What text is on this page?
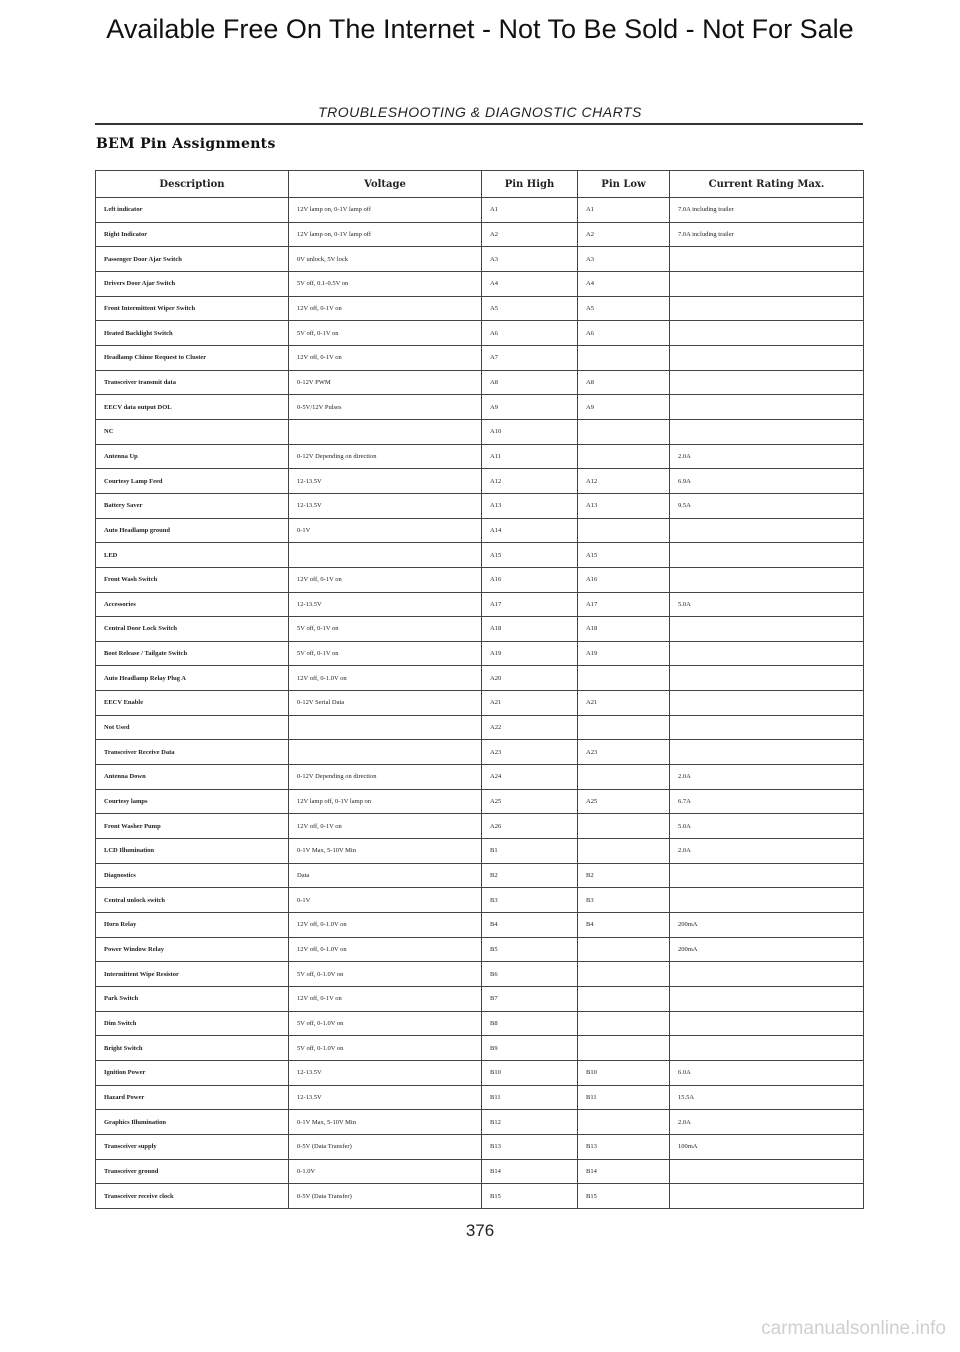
Available Free On The Internet - Not To Be Sold - Not For Sale
TROUBLESHOOTING & DIAGNOSTIC CHARTS
BEM Pin Assignments
Description	Voltage	Pin High	Pin Low	Current Rating Max.
Left indicator	12V lamp on, 0-1V lamp off	A1	A1	7.0A including trailer
Right Indicator	12V lamp on, 0-1V lamp off	A2	A2	7.0A including trailer
Passenger Door Ajar Switch	0V unlock, 5V lock	A3	A3	
Drivers Door Ajar Switch	5V off, 0.1-0.5V on	A4	A4	
Front Intermittent Wiper Switch	12V off, 0-1V on	A5	A5	
Heated Backlight Switch	5V off, 0-1V on	A6	A6	
Headlamp Chime Request to Cluster	12V off, 0-1V on	A7		
Transceiver transmit data	0-12V PWM	A8	A8	
EECV data output DOL	0-5V/12V Pulses	A9	A9	
NC		A10		
Antenna Up	0-12V Depending on direction	A11		2.0A
Courtesy Lamp Feed	12-13.5V	A12	A12	6.9A
Battery Saver	12-13.5V	A13	A13	9.5A
Auto Headlamp ground	0-1V	A14		
LED		A15	A15	
Front Wash Switch	12V off, 0-1V on	A16	A16	
Accessories	12-13.5V	A17	A17	5.0A
Central Door Lock Switch	5V off, 0-1V on	A18	A18	
Boot Release / Tailgate Switch	5V off, 0-1V on	A19	A19	
Auto Headlamp Relay Plug A	12V off, 0-1.0V on	A20		
EECV Enable	0-12V Serial Data	A21	A21	
Not Used		A22		
Transceiver Receive Data		A23	A23	
Antenna Down	0-12V Depending on direction	A24		2.0A
Courtesy lamps	12V lamp off, 0-1V lamp on	A25	A25	6.7A
Front Washer Pump	12V off, 0-1V on	A26		5.0A
LCD Illumination	0-1V Max, 5-10V Min	B1		2.0A
Diagnostics	Data	B2	B2	
Central unlock switch	0-1V	B3	B3	
Horn Relay	12V off, 0-1.0V on	B4	B4	200mA
Power Window Relay	12V off, 0-1.0V on	B5		200mA
Intermittent Wipe Resistor	5V off, 0-1.0V on	B6		
Park Switch	12V off, 0-1V on	B7		
Dim Switch	5V off, 0-1.0V on	B8		
Bright Switch	5V off, 0-1.0V on	B9		
Ignition Power	12-13.5V	B10	B10	6.0A
Hazard Power	12-13.5V	B11	B11	15.5A
Graphics Illumination	0-1V Max, 5-10V Min	B12		2.0A
Transceiver supply	0-5V (Data Transfer)	B13	B13	100mA
Transceiver ground	0-1.0V	B14	B14	
Transceiver receive clock	0-5V (Data Transfer)	B15	B15	
376
carmanualsonline.info
